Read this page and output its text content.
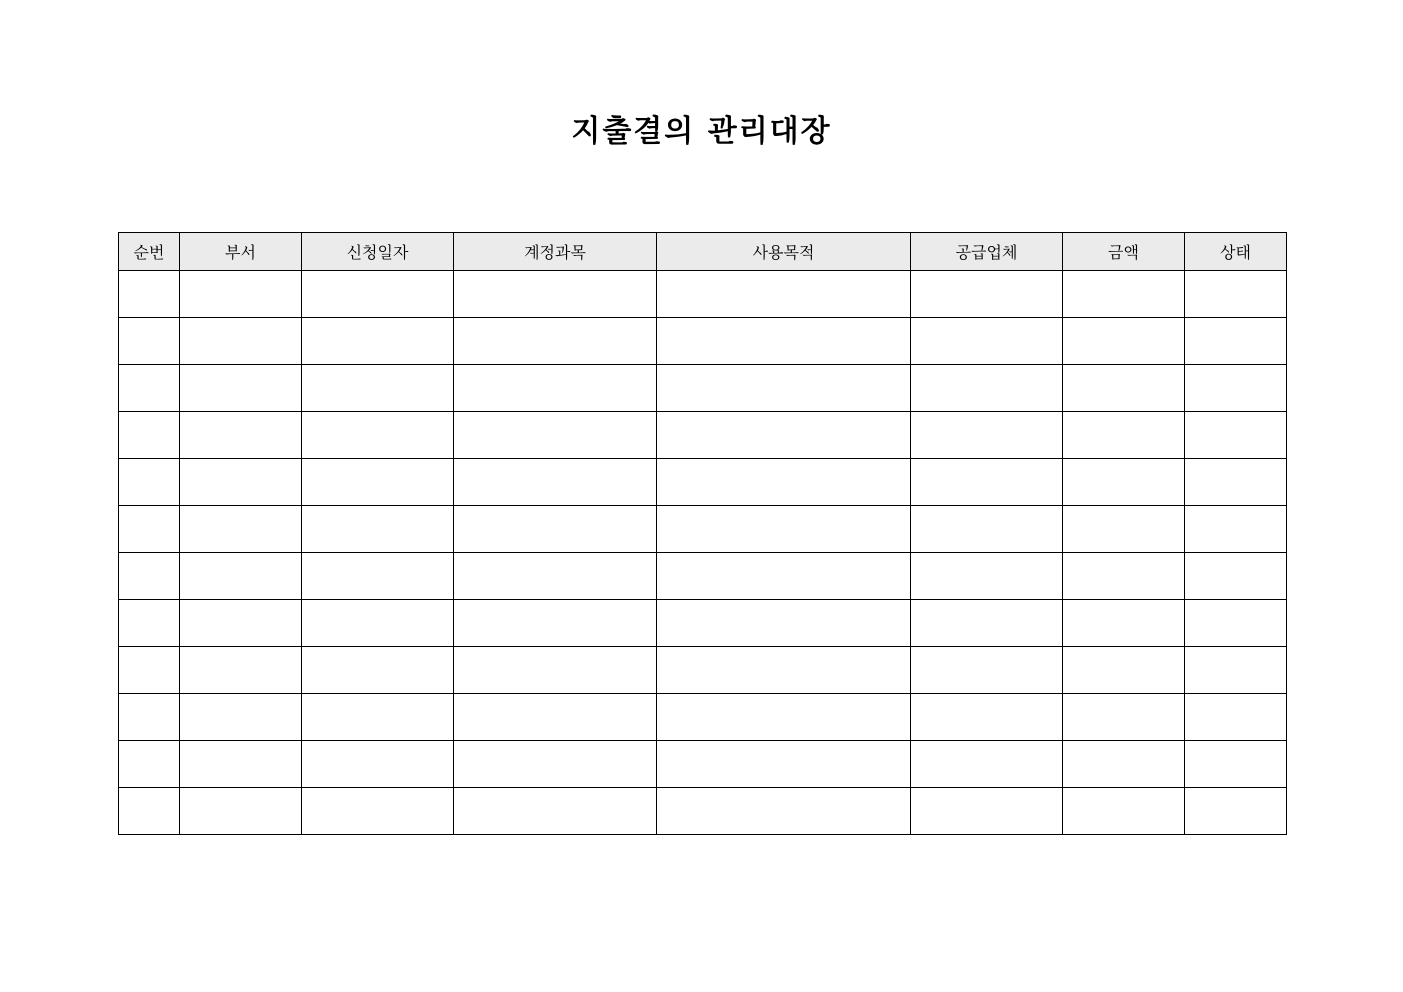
지출결의 관리대장
순번	부서	신청일자	계정과목	사용목적	공급업체	금액	상태
